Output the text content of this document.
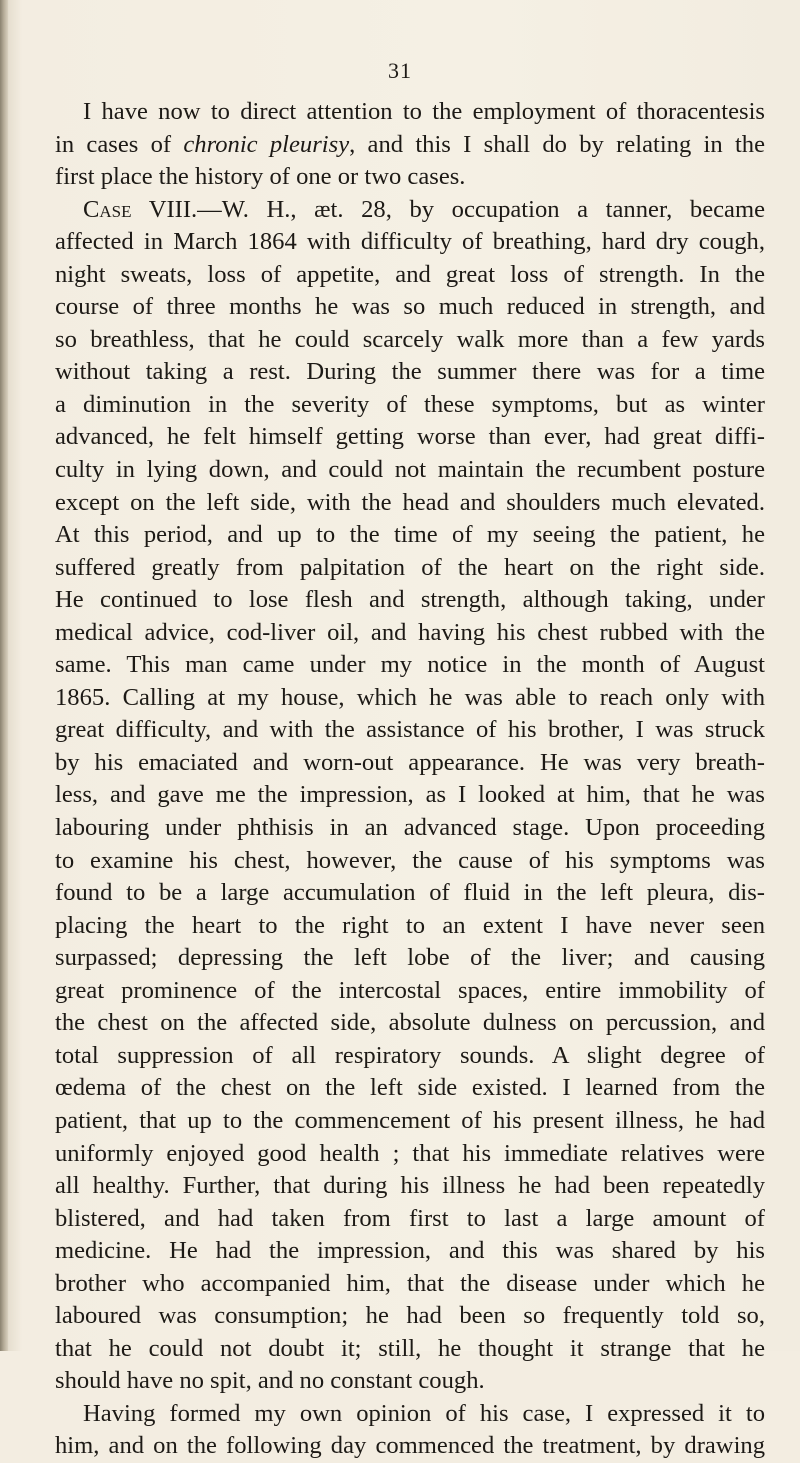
31
I have now to direct attention to the employment of thoracentesis
in cases of chronic pleurisy, and this I shall do by relating in the
first place the history of one or two cases.
Case VIII.—W. H., æt. 28, by occupation a tanner, became
affected in March 1864 with difficulty of breathing, hard dry cough,
night sweats, loss of appetite, and great loss of strength. In the
course of three months he was so much reduced in strength, and
so breathless, that he could scarcely walk more than a few yards
without taking a rest. During the summer there was for a time
a diminution in the severity of these symptoms, but as winter
advanced, he felt himself getting worse than ever, had great diffi-
culty in lying down, and could not maintain the recumbent posture
except on the left side, with the head and shoulders much elevated.
At this period, and up to the time of my seeing the patient, he
suffered greatly from palpitation of the heart on the right side.
He continued to lose flesh and strength, although taking, under
medical advice, cod-liver oil, and having his chest rubbed with the
same. This man came under my notice in the month of August
1865. Calling at my house, which he was able to reach only with
great difficulty, and with the assistance of his brother, I was struck
by his emaciated and worn-out appearance. He was very breath-
less, and gave me the impression, as I looked at him, that he was
labouring under phthisis in an advanced stage. Upon proceeding
to examine his chest, however, the cause of his symptoms was
found to be a large accumulation of fluid in the left pleura, dis-
placing the heart to the right to an extent I have never seen
surpassed; depressing the left lobe of the liver; and causing
great prominence of the intercostal spaces, entire immobility of
the chest on the affected side, absolute dulness on percussion, and
total suppression of all respiratory sounds. A slight degree of
œdema of the chest on the left side existed. I learned from the
patient, that up to the commencement of his present illness, he had
uniformly enjoyed good health ; that his immediate relatives were
all healthy. Further, that during his illness he had been repeatedly
blistered, and had taken from first to last a large amount of
medicine. He had the impression, and this was shared by his
brother who accompanied him, that the disease under which he
laboured was consumption; he had been so frequently told so,
that he could not doubt it; still, he thought it strange that he
should have no spit, and no constant cough.
Having formed my own opinion of his case, I expressed it to
him, and on the following day commenced the treatment, by drawing
